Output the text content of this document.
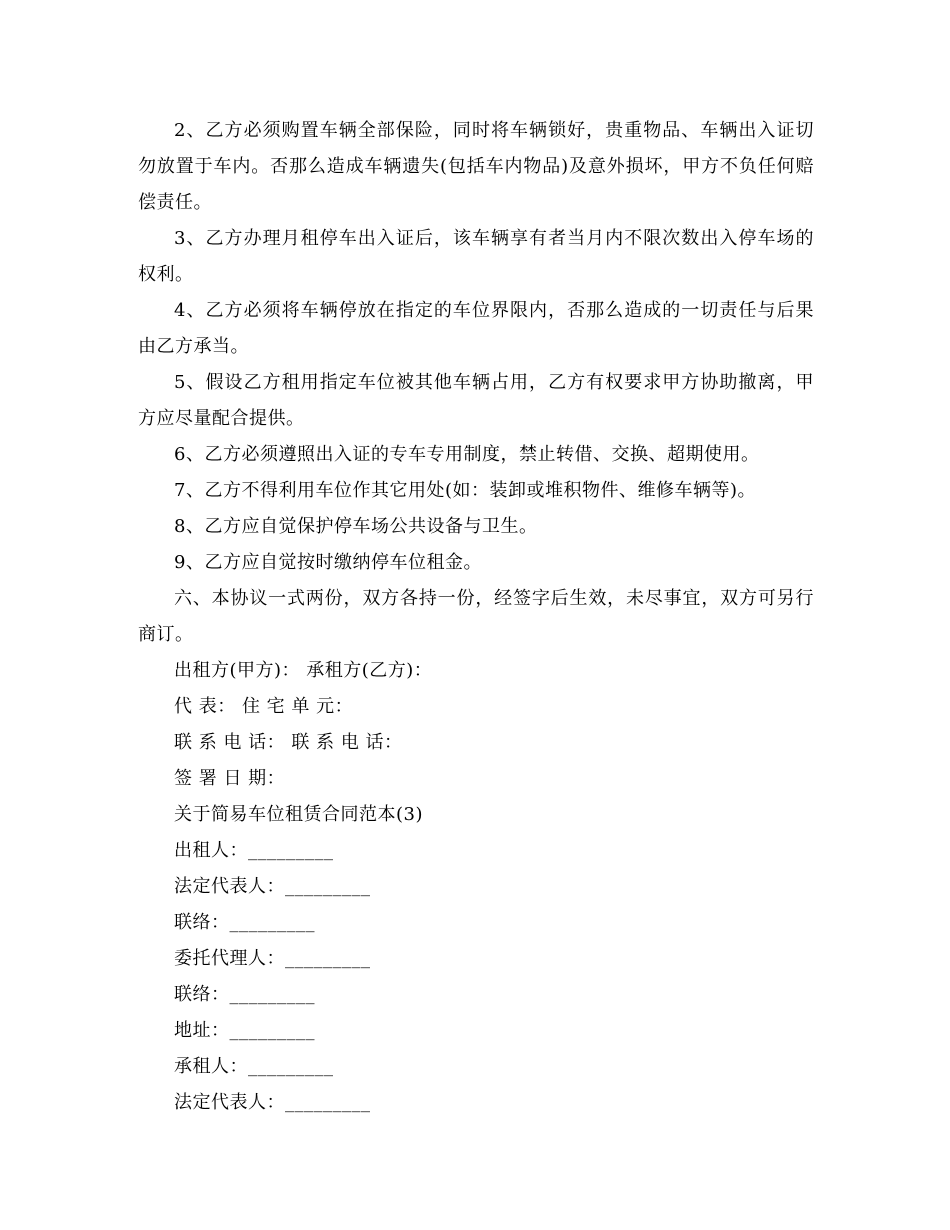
2、乙方必须购置车辆全部保险，同时将车辆锁好，贵重物品、车辆出入证切勿放置于车内。否那么造成车辆遗失(包括车内物品)及意外损坏，甲方不负任何赔偿责任。

3、乙方办理月租停车出入证后，该车辆享有者当月内不限次数出入停车场的权利。

4、乙方必须将车辆停放在指定的车位界限内，否那么造成的一切责任与后果由乙方承当。

5、假设乙方租用指定车位被其他车辆占用，乙方有权要求甲方协助撤离，甲方应尽量配合提供。

6、乙方必须遵照出入证的专车专用制度，禁止转借、交换、超期使用。

7、乙方不得利用车位作其它用处(如：装卸或堆积物件、维修车辆等)。

8、乙方应自觉保护停车场公共设备与卫生。

9、乙方应自觉按时缴纳停车位租金。

六、本协议一式两份，双方各持一份，经签字后生效，未尽事宜，双方可另行商订。

出租方(甲方)： 承租方(乙方)：

代 表： 住 宅 单 元：

联 系 电 话： 联 系 电 话：

签 署 日 期：

关于简易车位租赁合同范本(3)

出租人：_________

法定代表人：_________

联络：_________

委托代理人：_________

联络：_________

地址：_________

承租人：_________

法定代表人：_________
